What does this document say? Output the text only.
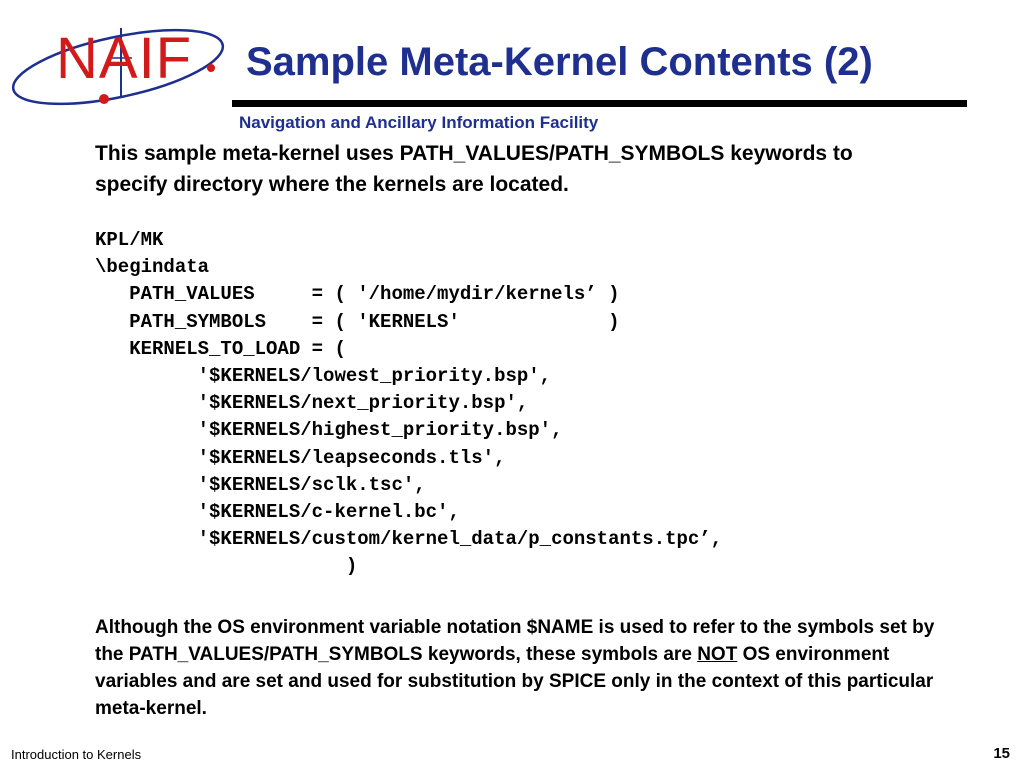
NAIF Sample Meta-Kernel Contents (2)
Navigation and Ancillary Information Facility
This sample meta-kernel uses PATH_VALUES/PATH_SYMBOLS keywords to specify directory where the kernels are located.
KPL/MK
\begindata
PATH_VALUES     = ( '/home/mydir/kernels’ )
PATH_SYMBOLS    = ( 'KERNELS'             )
KERNELS_TO_LOAD = (
'$KERNELS/lowest_priority.bsp',
'$KERNELS/next_priority.bsp',
'$KERNELS/highest_priority.bsp',
'$KERNELS/leapseconds.tls',
'$KERNELS/sclk.tsc',
'$KERNELS/c-kernel.bc',
'$KERNELS/custom/kernel_data/p_constants.tpc’,
)
Although the OS environment variable notation $NAME is used to refer to the symbols set by the PATH_VALUES/PATH_SYMBOLS keywords, these symbols are NOT OS environment variables and are set and used for substitution by SPICE only in the context of this particular meta-kernel.
Introduction to Kernels	15
